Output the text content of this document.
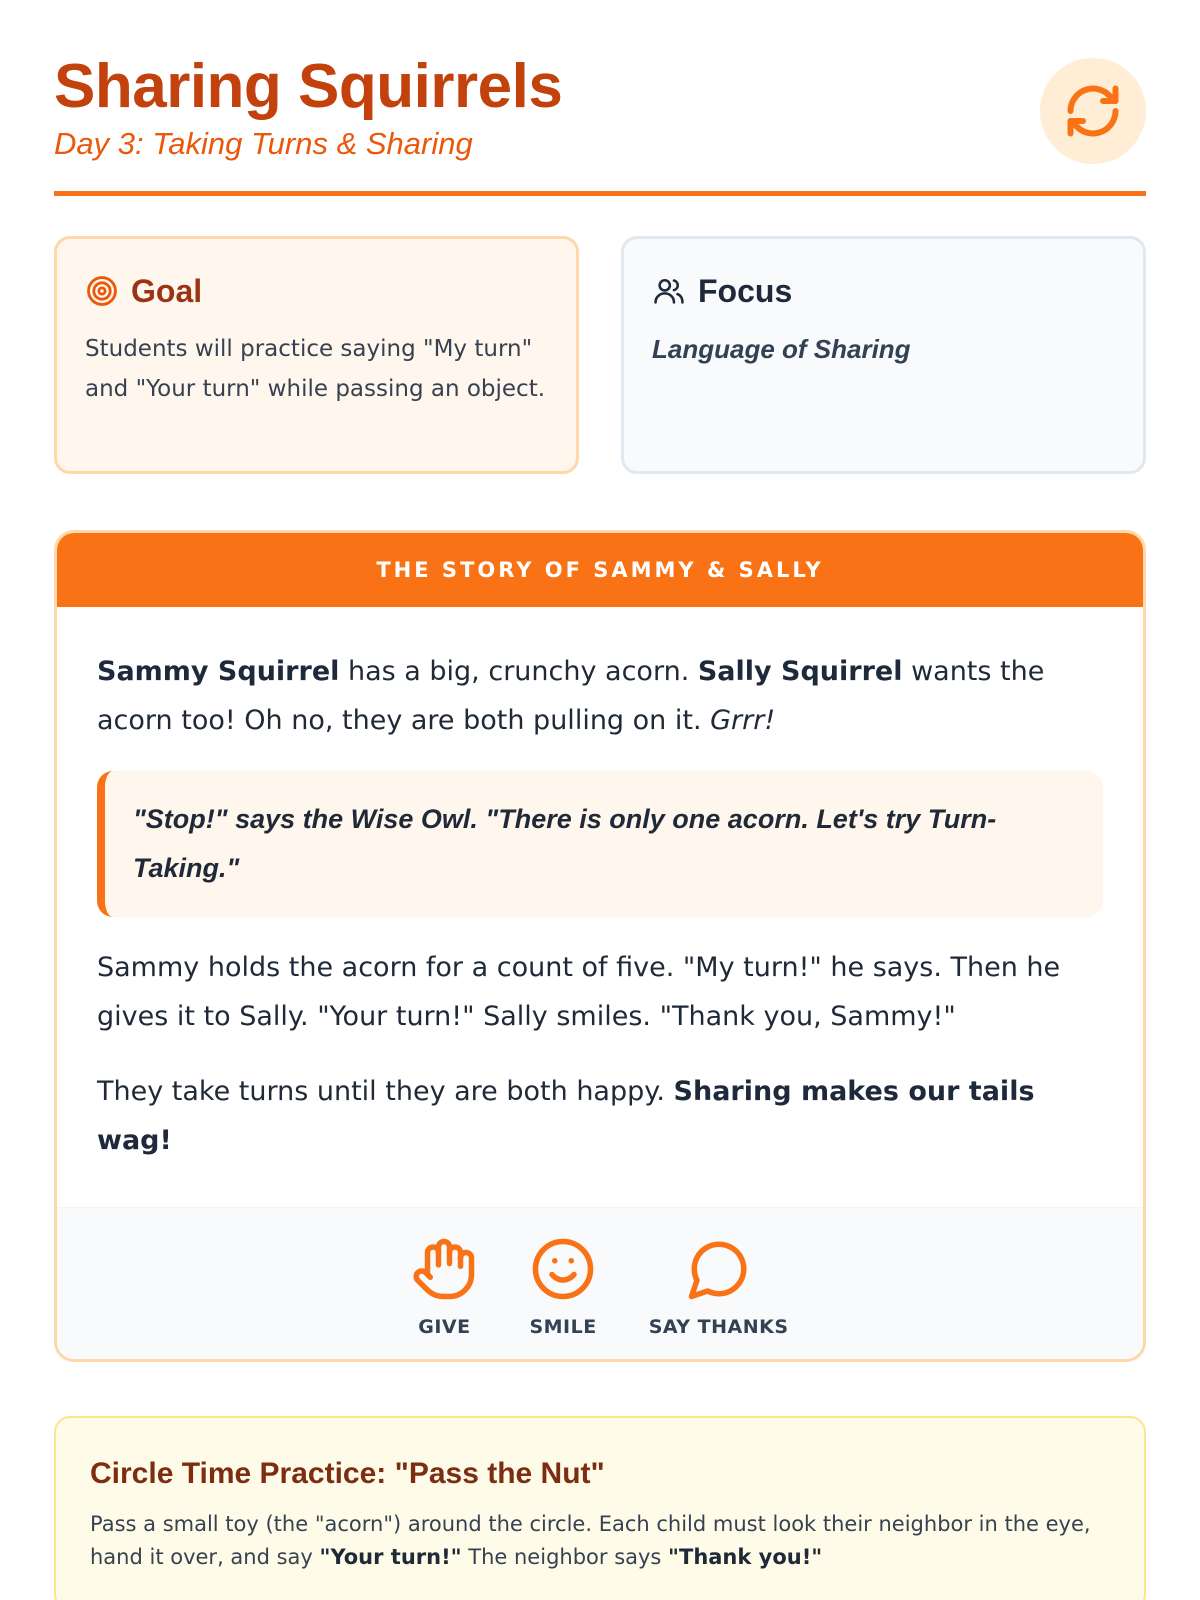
Sharing Squirrels
Day 3: Taking Turns & Sharing
Goal
Students will practice saying "My turn" and "Your turn" while passing an object.
Focus
Language of Sharing
THE STORY OF SAMMY & SALLY

Sammy Squirrel has a big, crunchy acorn. Sally Squirrel wants the acorn too! Oh no, they are both pulling on it. Grrr!

"Stop!" says the Wise Owl. "There is only one acorn. Let's try Turn-Taking."

Sammy holds the acorn for a count of five. "My turn!" he says. Then he gives it to Sally. "Your turn!" Sally smiles. "Thank you, Sammy!"

They take turns until they are both happy. Sharing makes our tails wag!

GIVE	SMILE	SAY THANKS
Circle Time Practice: "Pass the Nut"

Pass a small toy (the "acorn") around the circle. Each child must look their neighbor in the eye, hand it over, and say "Your turn!" The neighbor says "Thank you!"
